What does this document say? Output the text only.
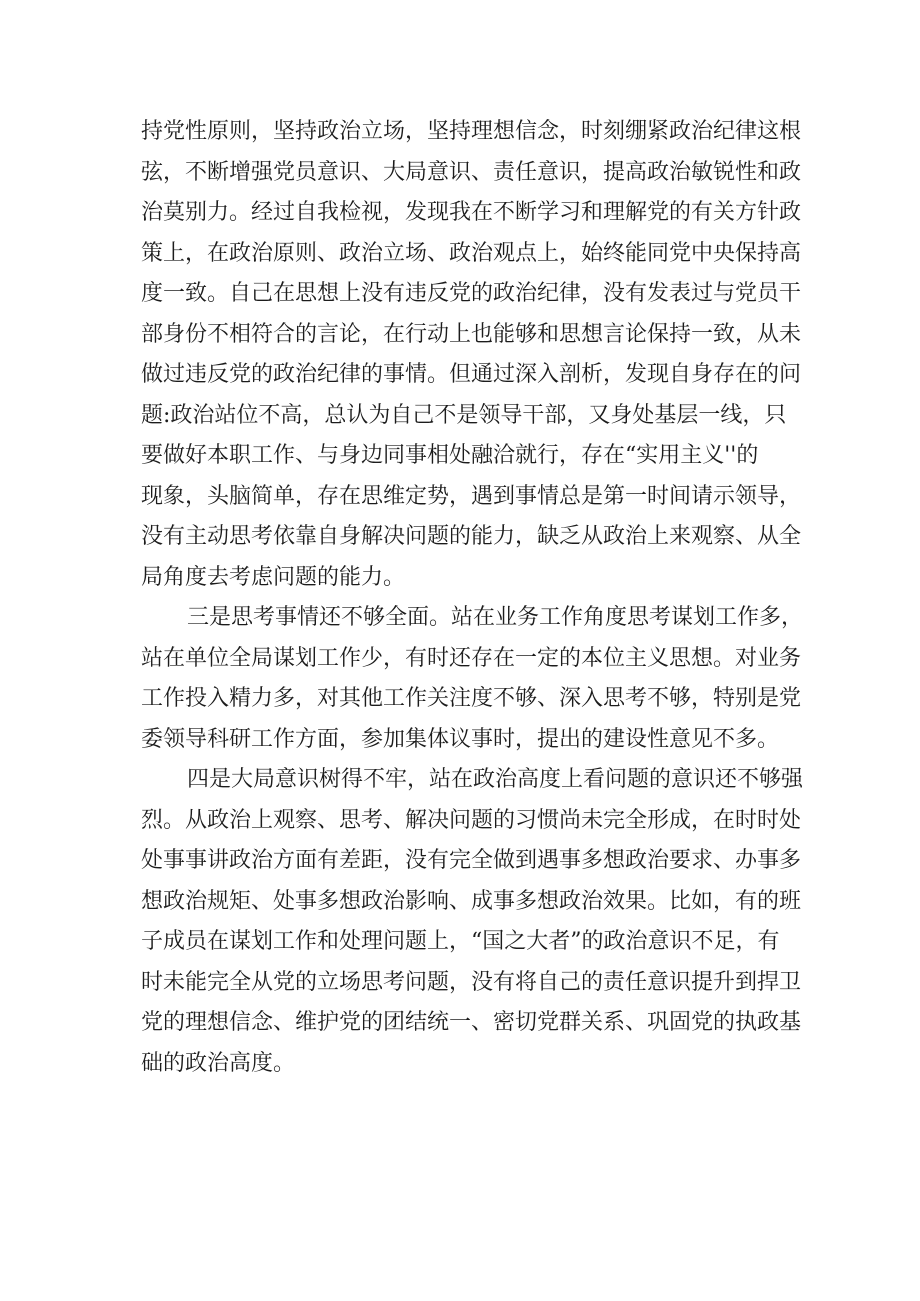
持党性原则，坚持政治立场，坚持理想信念，时刻绷紧政治纪律这根
弦，不断增强党员意识、大局意识、责任意识，提高政治敏锐性和政
治莫别力。经过自我检视，发现我在不断学习和理解党的有关方针政
策上，在政治原则、政治立场、政治观点上，始终能同党中央保持高
度一致。自己在思想上没有违反党的政治纪律，没有发表过与党员干
部身份不相符合的言论，在行动上也能够和思想言论保持一致，从未
做过违反党的政治纪律的事情。但通过深入剖析，发现自身存在的问
题:政治站位不高，总认为自己不是领导干部，又身处基层一线，只
要做好本职工作、与身边同事相处融洽就行，存在“实用主义''的
现象，头脑简单，存在思维定势，遇到事情总是第一时间请示领导，
没有主动思考依靠自身解决问题的能力，缺乏从政治上来观察、从全
局角度去考虑问题的能力。
三是思考事情还不够全面。站在业务工作角度思考谋划工作多，
站在单位全局谋划工作少，有时还存在一定的本位主义思想。对业务
工作投入精力多，对其他工作关注度不够、深入思考不够，特别是党
委领导科研工作方面，参加集体议事时，提出的建设性意见不多。
四是大局意识树得不牢，站在政治高度上看问题的意识还不够强
烈。从政治上观察、思考、解决问题的习惯尚未完全形成，在时时处
处事事讲政治方面有差距，没有完全做到遇事多想政治要求、办事多
想政治规矩、处事多想政治影响、成事多想政治效果。比如，有的班
子成员在谋划工作和处理问题上，“国之大者”的政治意识不足，有
时未能完全从党的立场思考问题，没有将自己的责任意识提升到捍卫
党的理想信念、维护党的团结统一、密切党群关系、巩固党的执政基
础的政治高度。
